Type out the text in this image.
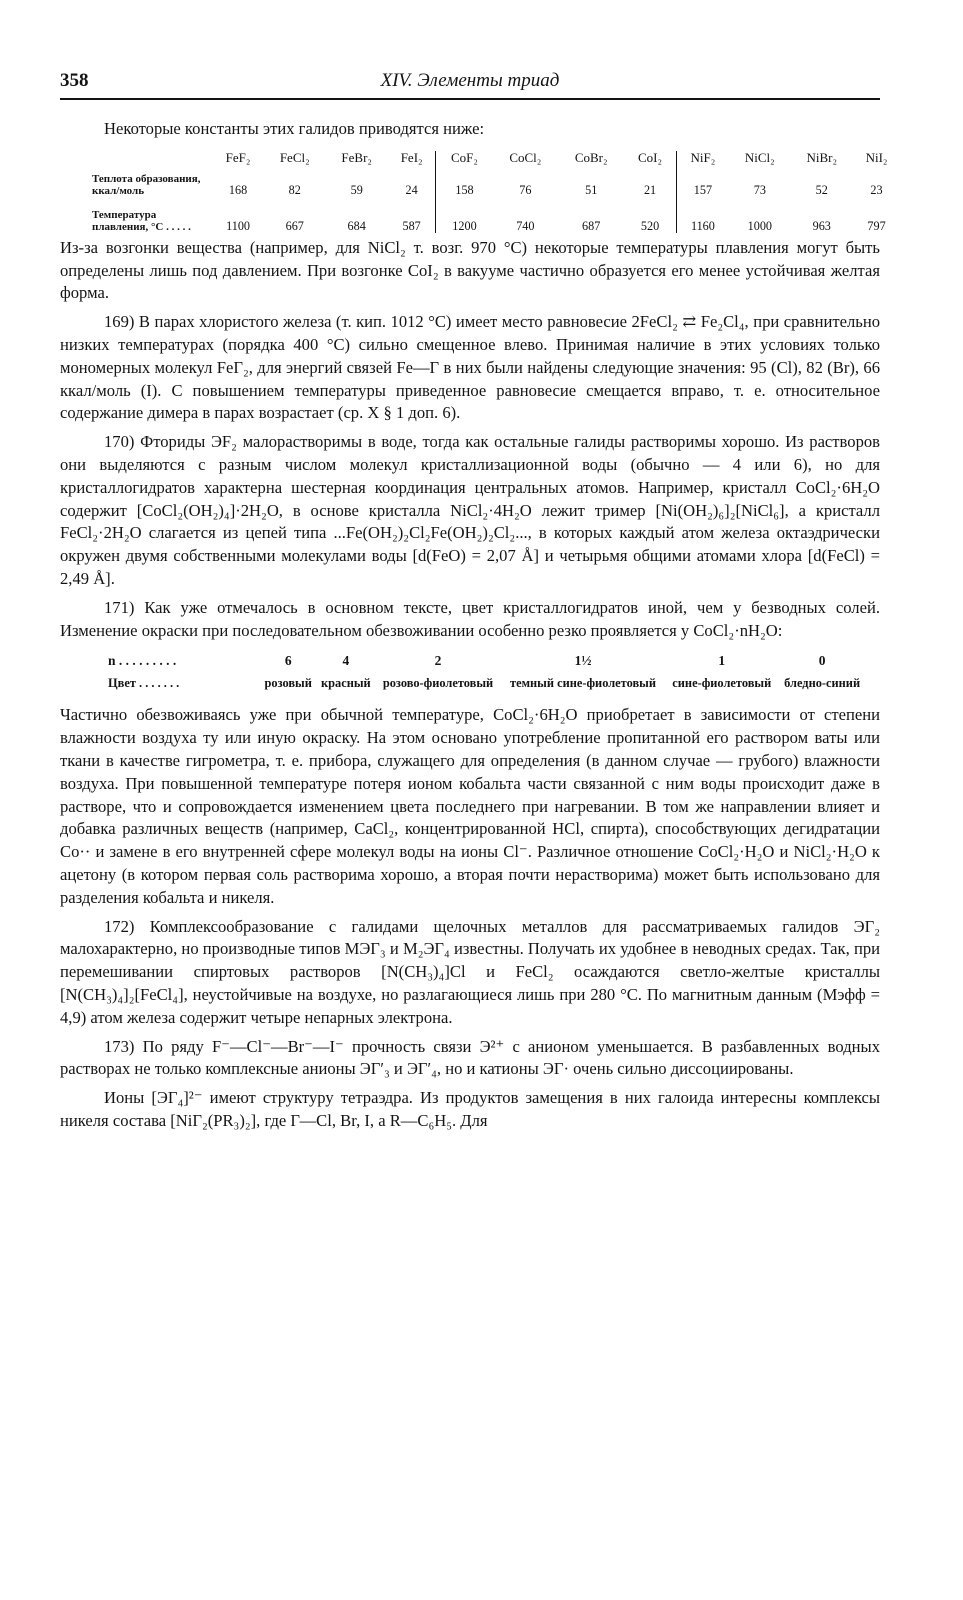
358	XIV. Элементы триад

Некоторые константы этих галидов приводятся ниже:

	FeF₂	FeCl₂	FeBr₂	FeI₂	CoF₂	CoCl₂	CoBr₂	CoI₂	NiF₂	NiCl₂	NiBr₂	NiI₂
Теплота образования, ккал/моль	168	82	59	24	158	76	51	21	157	73	52	23
Температура плавления, °С . . . . .	1100	667	684	587	1200	740	687	520	1160	1000	963	797

Из-за возгонки вещества (например, для NiCl₂ т. возг. 970 °С) некоторые температуры плавления могут быть определены лишь под давлением. При возгонке CoI₂ в вакууме частично образуется его менее устойчивая желтая форма.

169) В парах хлористого железа (т. кип. 1012 °С) имеет место равновесие 2FeCl₂ ⇄ Fe₂Cl₄, при сравнительно низких температурах (порядка 400 °С) сильно смещенное влево. Принимая наличие в этих условиях только мономерных молекул FeГ₂, для энергий связей Fe—Г в них были найдены следующие значения: 95 (Cl), 82 (Br), 66 ккал/моль (I). С повышением температуры приведенное равновесие смещается вправо, т. е. относительное содержание димера в парах возрастает (ср. X § 1 доп. 6).

170) Фториды ЭF₂ малорастворимы в воде, тогда как остальные галиды растворимы хорошо. Из растворов они выделяются с разным числом молекул кристаллизационной воды (обычно — 4 или 6), но для кристаллогидратов характерна шестерная координация центральных атомов. Например, кристалл CoCl₂·6H₂O содержит [CoCl₂(OH₂)₄]·2H₂O, в основе кристалла NiCl₂·4H₂O лежит тример [Ni(OH₂)₆]₂[NiCl₆], а кристалл FeCl₂·2H₂O слагается из цепей типа ...Fe(OH₂)₂Cl₂Fe(OH₂)₂Cl₂..., в которых каждый атом железа октаэдрически окружен двумя собственными молекулами воды [d(FeO) = 2,07 Å] и четырьмя общими атомами хлора [d(FeCl) = 2,49 Å].

171) Как уже отмечалось в основном тексте, цвет кристаллогидратов иной, чем у безводных солей. Изменение окраски при последовательном обезвоживании особенно резко проявляется у CoCl₂·nH₂O:

n . . . . . . . . .	6	4	2	1½	1	0
Цвет . . . . . . .	розовый	красный	розово-фиолетовый	темный сине-фиолетовый	сине-фиолетовый	бледно-синий

Частично обезвоживаясь уже при обычной температуре, CoCl₂·6H₂O приобретает в зависимости от степени влажности воздуха ту или иную окраску. На этом основано употребление пропитанной его раствором ваты или ткани в качестве гигрометра, т. е. прибора, служащего для определения (в данном случае — грубого) влажности воздуха. При повышенной температуре потеря ионом кобальта части связанной с ним воды происходит даже в растворе, что и сопровождается изменением цвета последнего при нагревании. В том же направлении влияет и добавка различных веществ (например, CaCl₂, концентрированной HCl, спирта), способствующих дегидратации Co·· и замене в его внутренней сфере молекул воды на ионы Cl⁻. Различное отношение CoCl₂·H₂O и NiCl₂·H₂O к ацетону (в котором первая соль растворима хорошо, а вторая почти нерастворима) может быть использовано для разделения кобальта и никеля.

172) Комплексообразование с галидами щелочных металлов для рассматриваемых галидов ЭГ₂ малохарактерно, но производные типов MЭГ₃ и M₂ЭГ₄ известны. Получать их удобнее в неводных средах. Так, при перемешивании спиртовых растворов [N(CH₃)₄]Cl и FeCl₂ осаждаются светло-желтые кристаллы [N(CH₃)₄]₂[FeCl₄], неустойчивые на воздухе, но разлагающиеся лишь при 280 °С. По магнитным данным (Mэфф = 4,9) атом железа содержит четыре непарных электрона.

173) По ряду F⁻—Cl⁻—Br⁻—I⁻ прочность связи Э²⁺ с анионом уменьшается. В разбавленных водных растворах не только комплексные анионы ЭГ′₃ и ЭГ′₄, но и катионы ЭГ· очень сильно диссоциированы.

Ионы [ЭГ₄]²⁻ имеют структуру тетраэдра. Из продуктов замещения в них галоида интересны комплексы никеля состава [NiГ₂(PR₃)₂], где Г—Cl, Br, I, а R—C₆H₅. Для
